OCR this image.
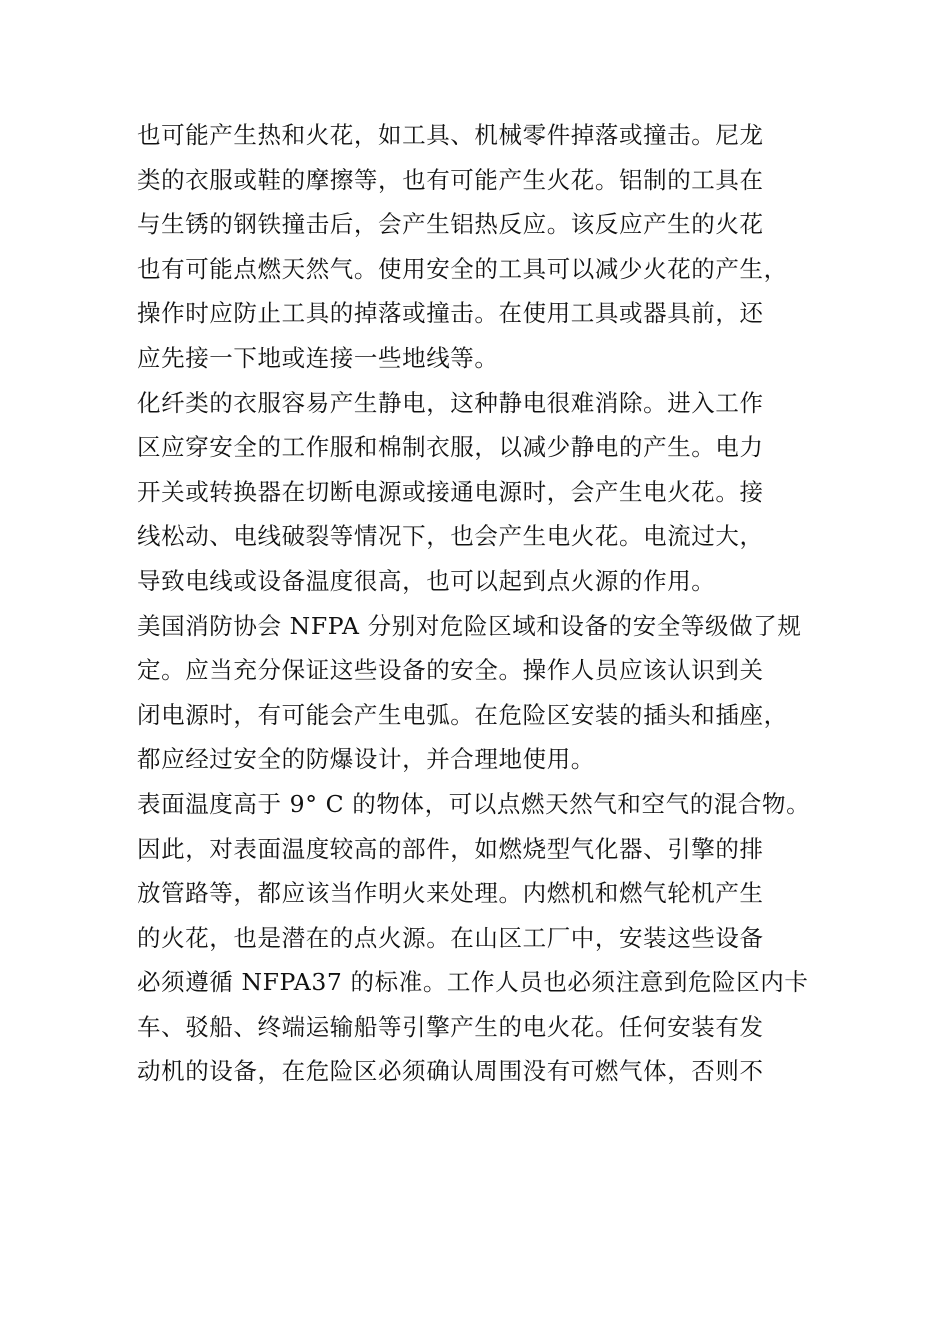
也可能产生热和火花，如工具、机械零件掉落或撞击。尼龙
类的衣服或鞋的摩擦等，也有可能产生火花。铝制的工具在
与生锈的钢铁撞击后，会产生铝热反应。该反应产生的火花
也有可能点燃天然气。使用安全的工具可以减少火花的产生，
操作时应防止工具的掉落或撞击。在使用工具或器具前，还
应先接一下地或连接一些地线等。
化纤类的衣服容易产生静电，这种静电很难消除。进入工作
区应穿安全的工作服和棉制衣服，以减少静电的产生。电力
开关或转换器在切断电源或接通电源时，会产生电火花。接
线松动、电线破裂等情况下，也会产生电火花。电流过大，
导致电线或设备温度很高，也可以起到点火源的作用。
美国消防协会 NFPA 分别对危险区域和设备的安全等级做了规
定。应当充分保证这些设备的安全。操作人员应该认识到关
闭电源时，有可能会产生电弧。在危险区安装的插头和插座，
都应经过安全的防爆设计，并合理地使用。
表面温度高于 9° C 的物体，可以点燃天然气和空气的混合物。
因此，对表面温度较高的部件，如燃烧型气化器、引擎的排
放管路等，都应该当作明火来处理。内燃机和燃气轮机产生
的火花，也是潜在的点火源。在山区工厂中，安装这些设备
必须遵循 NFPA37 的标准。工作人员也必须注意到危险区内卡
车、驳船、终端运输船等引擎产生的电火花。任何安装有发
动机的设备，在危险区必须确认周围没有可燃气体，否则不
